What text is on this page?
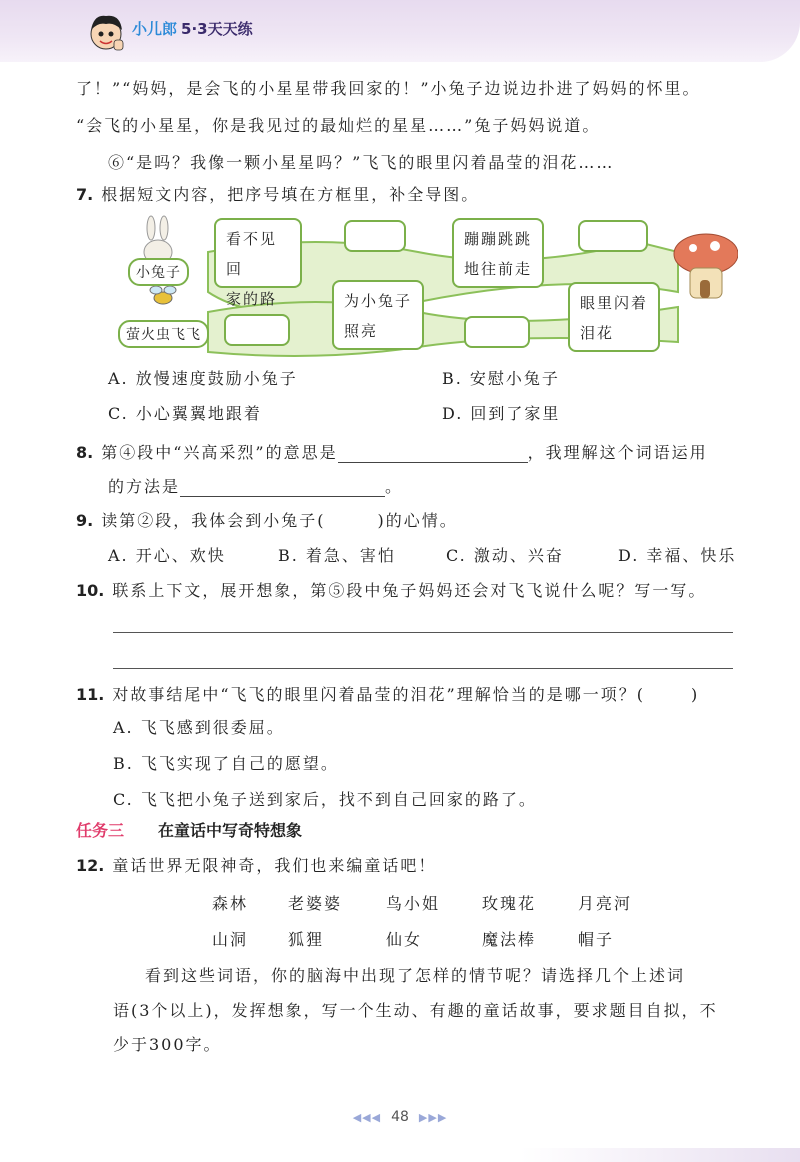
小儿郎 5·3天天练
了！”“妈妈，是会飞的小星星带我回家的！”小兔子边说边扑进了妈妈的怀里。
“会飞的小星星，你是我见过的最灿烂的星星……”兔子妈妈说道。
⑥“是吗？我像一颗小星星吗？”飞飞的眼里闪着晶莹的泪花……
7. 根据短文内容，把序号填在方框里，补全导图。
小兔子
萤火虫飞飞
看不见回
家的路
蹦蹦跳跳
地往前走
为小兔子
照亮
眼里闪着
泪花
A. 放慢速度鼓励小兔子	B. 安慰小兔子
C. 小心翼翼地跟着	D. 回到了家里
8. 第④段中“兴高采烈”的意思是	，我理解这个词语运用
的方法是	。
9. 读第②段，我体会到小兔子(	)的心情。
A. 开心、欢快	B. 着急、害怕	C. 激动、兴奋	D. 幸福、快乐
10. 联系上下文，展开想象，第⑤段中兔子妈妈还会对飞飞说什么呢？写一写。
11. 对故事结尾中“飞飞的眼里闪着晶莹的泪花”理解恰当的是哪一项？(	)
A. 飞飞感到很委屈。
B. 飞飞实现了自己的愿望。
C. 飞飞把小兔子送到家后，找不到自己回家的路了。
任务三 在童话中写奇特想象
12. 童话世界无限神奇，我们也来编童话吧！
森林 老婆婆	鸟小姐	玫瑰花	月亮河
山洞 狐狸	仙女	魔法棒	帽子
看到这些词语，你的脑海中出现了怎样的情节呢？请选择几个上述词
语(3个以上)，发挥想象，写一个生动、有趣的童话故事，要求题目自拟，不
少于300字。
◀◀◀ 48 ▶▶▶
